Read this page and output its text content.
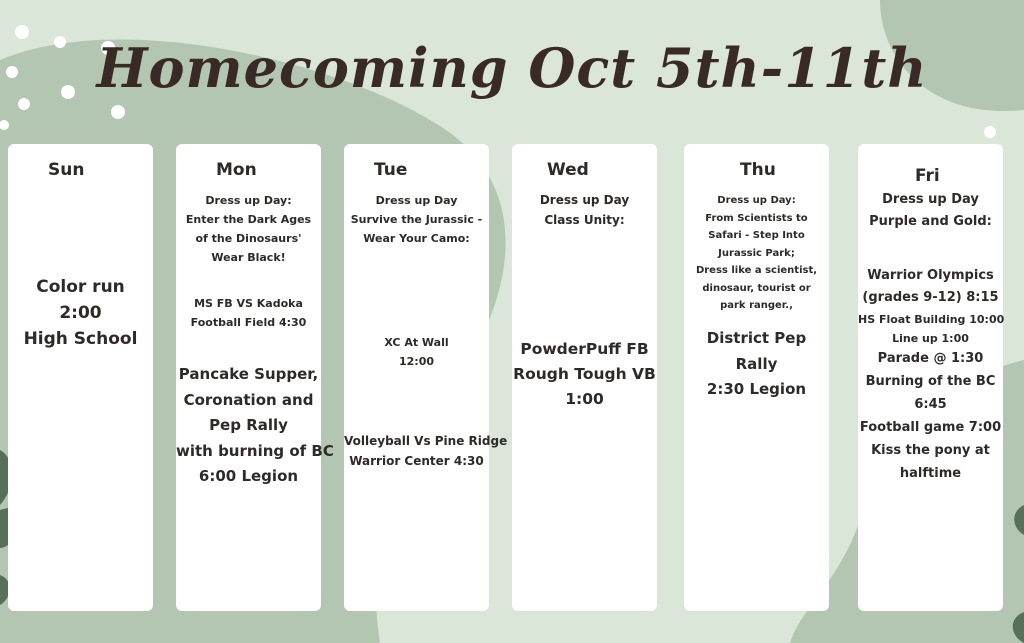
Homecoming Oct 5th-11th
Sun
Color run
2:00
High School
Mon
Dress up Day:
Enter the Dark Ages
of the Dinosaurs'
Wear Black!
MS FB VS Kadoka
Football Field 4:30
Pancake Supper,
Coronation and
Pep Rally
with burning of BC
6:00 Legion
Tue
Dress up Day
Survive the Jurassic -
Wear Your Camo:
XC At Wall
12:00
Volleyball Vs Pine Ridge
Warrior Center 4:30
Wed
Dress up Day
Class Unity:
PowderPuff FB
Rough Tough VB
1:00
Thu
Dress up Day:
From Scientists to
Safari - Step Into
Jurassic Park;
Dress like a scientist,
dinosaur, tourist or
park ranger.,
District Pep
Rally
2:30 Legion
Fri
Dress up Day
Purple and Gold:
Warrior Olympics
(grades 9-12) 8:15
HS Float Building 10:00
Line up 1:00
Parade @ 1:30
Burning of the BC
6:45
Football game 7:00
Kiss the pony at
halftime
